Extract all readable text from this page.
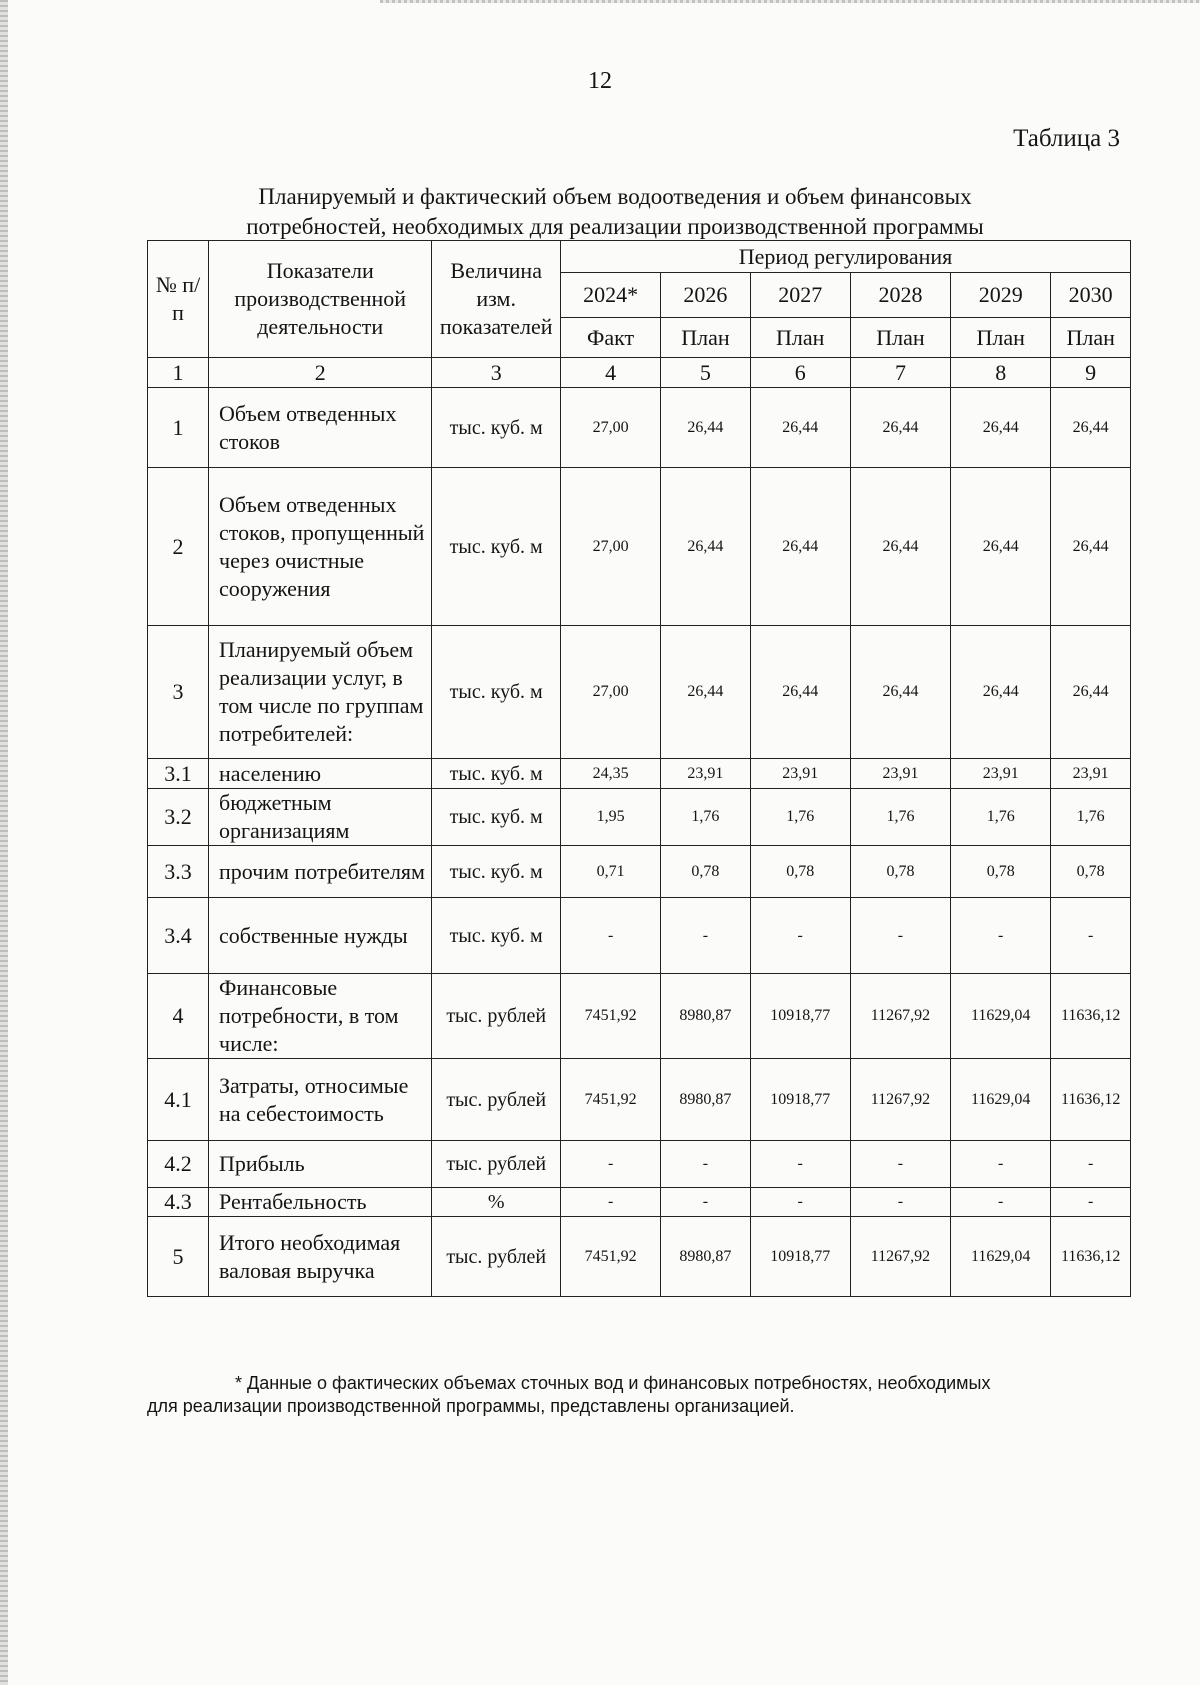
12
Таблица 3
Планируемый и фактический объем водоотведения и объем финансовых
потребностей, необходимых для реализации производственной программы
№ п/п	Показатели производственной деятельности	Величина изм. показателей	Период регулирования					
			2024*	2026	2027	2028	2029	2030
			Факт	План	План	План	План	План
1	2	3	4	5	6	7	8	9
1	Объем отведенных стоков	тыс. куб. м	27,00	26,44	26,44	26,44	26,44	26,44
2	Объем отведенных стоков, пропущенный через очистные сооружения	тыс. куб. м	27,00	26,44	26,44	26,44	26,44	26,44
3	Планируемый объем реализации услуг, в том числе по группам потребителей:	тыс. куб. м	27,00	26,44	26,44	26,44	26,44	26,44
3.1	населению	тыс. куб. м	24,35	23,91	23,91	23,91	23,91	23,91
3.2	бюджетным организациям	тыс. куб. м	1,95	1,76	1,76	1,76	1,76	1,76
3.3	прочим потребителям	тыс. куб. м	0,71	0,78	0,78	0,78	0,78	0,78
3.4	собственные нужды	тыс. куб. м	-	-	-	-	-	-
4	Финансовые потребности, в том числе:	тыс. рублей	7451,92	8980,87	10918,77	11267,92	11629,04	11636,12
4.1	Затраты, относимые на себестоимость	тыс. рублей	7451,92	8980,87	10918,77	11267,92	11629,04	11636,12
4.2	Прибыль	тыс. рублей	-	-	-	-	-	-
4.3	Рентабельность	%	-	-	-	-	-	-
5	Итого необходимая валовая выручка	тыс. рублей	7451,92	8980,87	10918,77	11267,92	11629,04	11636,12
* Данные о фактических объемах сточных вод и финансовых потребностях, необходимых
для реализации производственной программы, представлены организацией.
